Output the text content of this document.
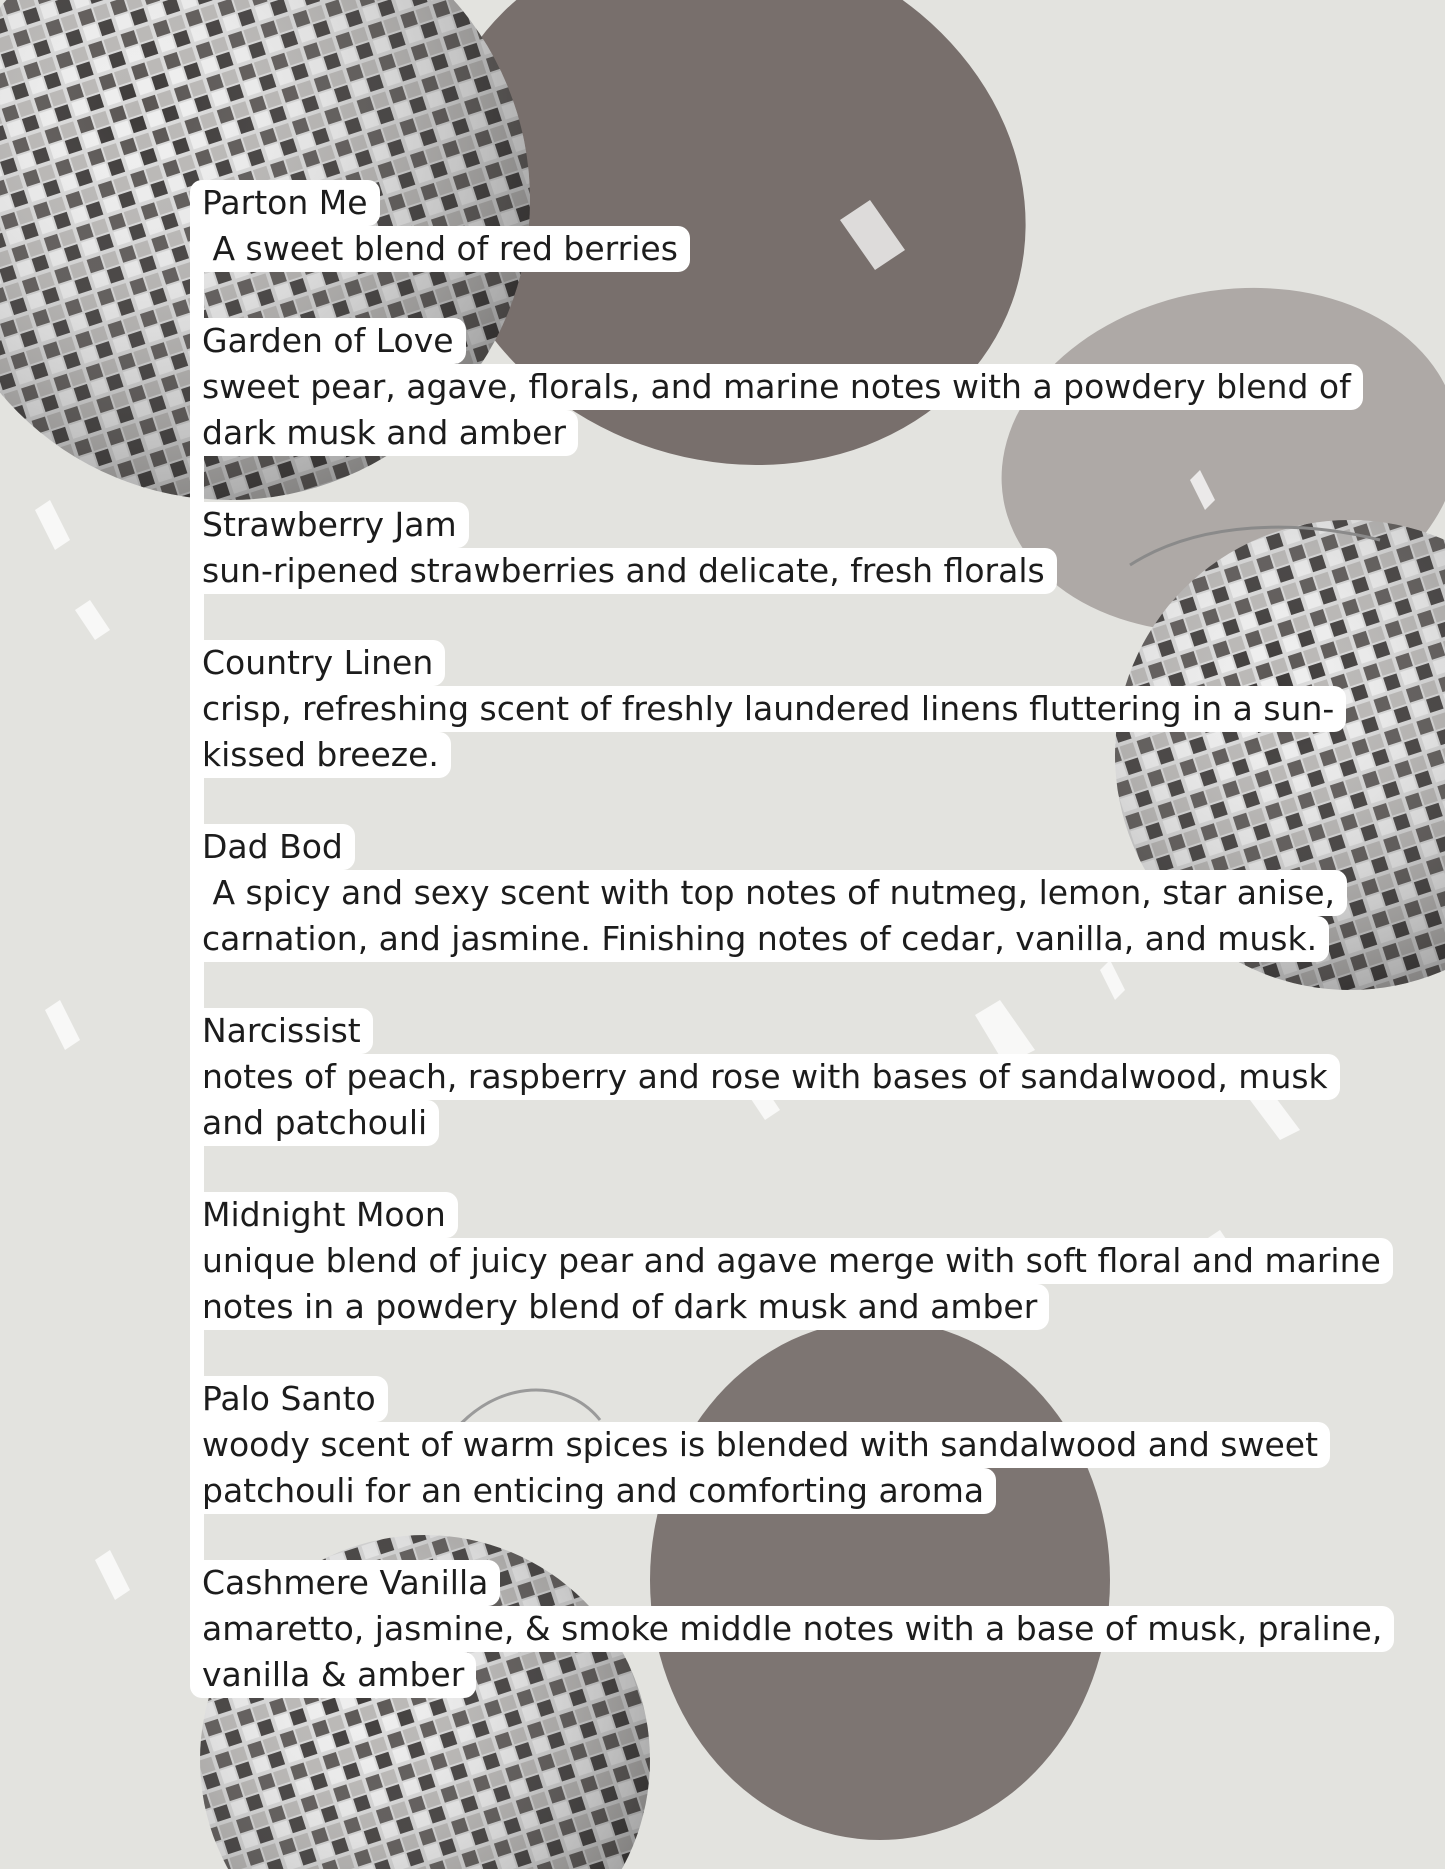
Parton Me
A sweet blend of red berries
Garden of Love
sweet pear, agave, florals, and marine notes with a powdery blend of
dark musk and amber
Strawberry Jam
sun-ripened strawberries and delicate, fresh florals
Country Linen
crisp, refreshing scent of freshly laundered linens fluttering in a sun-
kissed breeze.
Dad Bod
A spicy and sexy scent with top notes of nutmeg, lemon, star anise,
carnation, and jasmine. Finishing notes of cedar, vanilla, and musk.
Narcissist
notes of peach, raspberry and rose with bases of sandalwood, musk
and patchouli
Midnight Moon
unique blend of juicy pear and agave merge with soft floral and marine
notes in a powdery blend of dark musk and amber
Palo Santo
woody scent of warm spices is blended with sandalwood and sweet
patchouli for an enticing and comforting aroma
Cashmere Vanilla
amaretto, jasmine, & smoke middle notes with a base of musk, praline,
vanilla & amber
